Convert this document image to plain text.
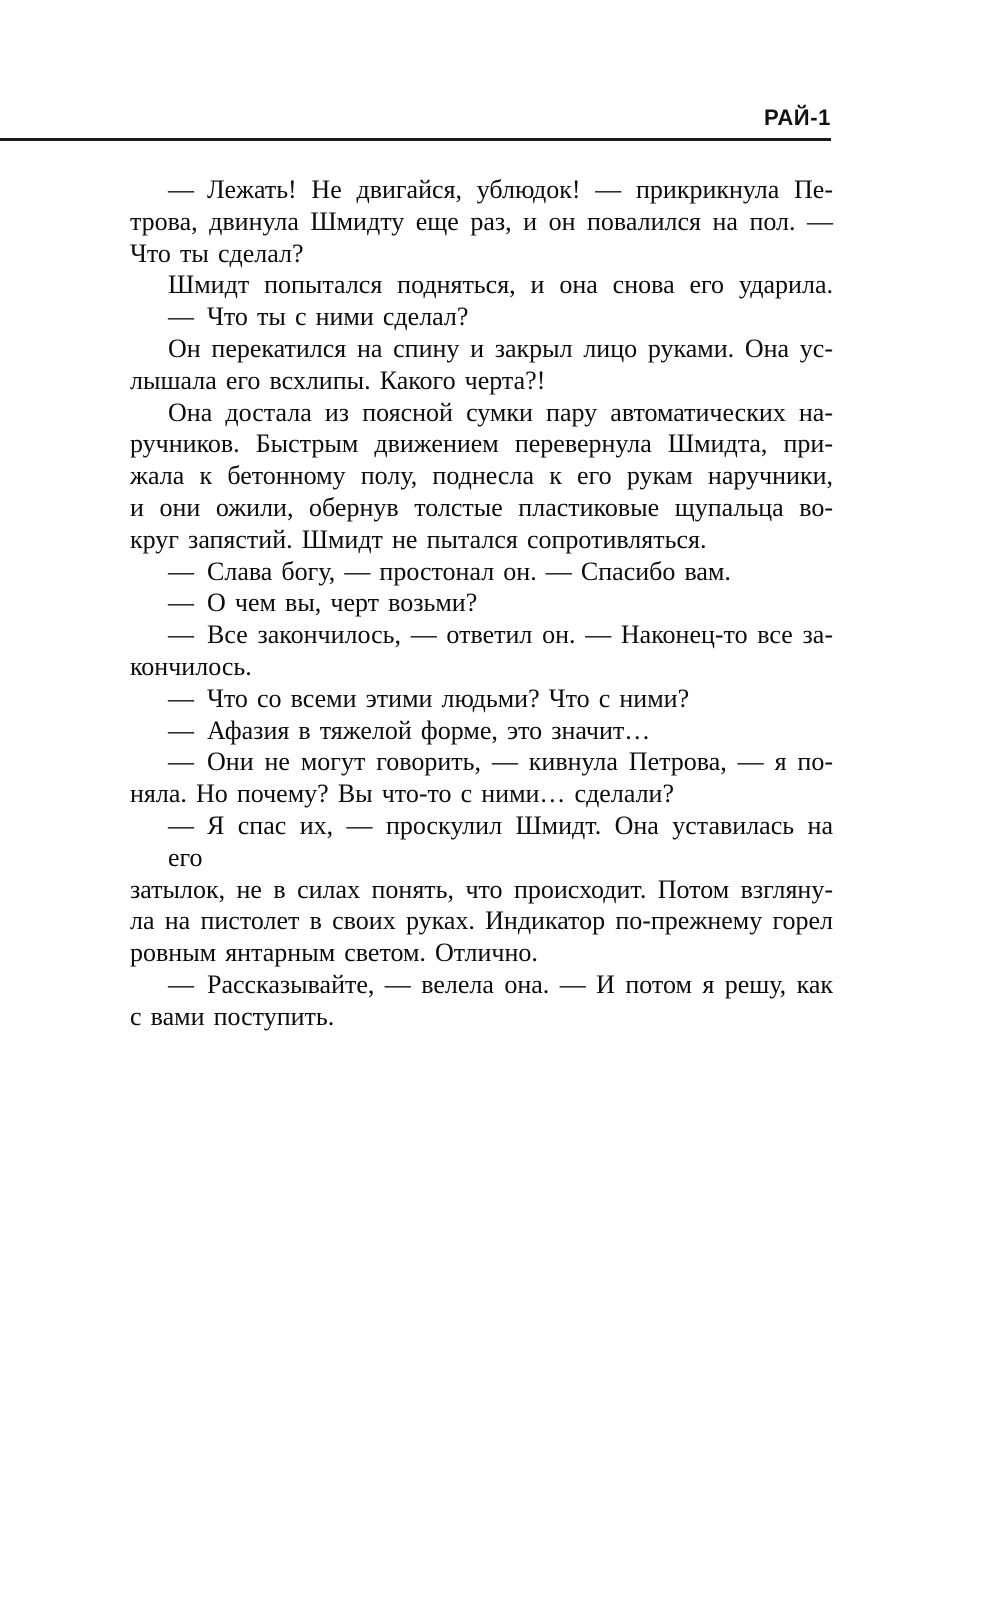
РАЙ-1
— Лежать! Не двигайся, ублюдок! — прикрикнула Пе-
трова, двинула Шмидту еще раз, и он повалился на пол. —
Что ты сделал?
Шмидт попытался подняться, и она снова его ударила.
— Что ты с ними сделал?
Он перекатился на спину и закрыл лицо руками. Она ус-
лышала его всхлипы. Какого черта?!
Она достала из поясной сумки пару автоматических на-
ручников. Быстрым движением перевернула Шмидта, при-
жала к бетонному полу, поднесла к его рукам наручники,
и они ожили, обернув толстые пластиковые щупальца во-
круг запястий. Шмидт не пытался сопротивляться.
— Слава богу, — простонал он. — Спасибо вам.
— О чем вы, черт возьми?
— Все закончилось, — ответил он. — Наконец-то все за-
кончилось.
— Что со всеми этими людьми? Что с ними?
— Афазия в тяжелой форме, это значит…
— Они не могут говорить, — кивнула Петрова, — я по-
няла. Но почему? Вы что-то с ними… сделали?
— Я спас их, — проскулил Шмидт. Она уставилась на его
затылок, не в силах понять, что происходит. Потом взгляну-
ла на пистолет в своих руках. Индикатор по-прежнему горел
ровным янтарным светом. Отлично.
— Рассказывайте, — велела она. — И потом я решу, как
с вами поступить.
